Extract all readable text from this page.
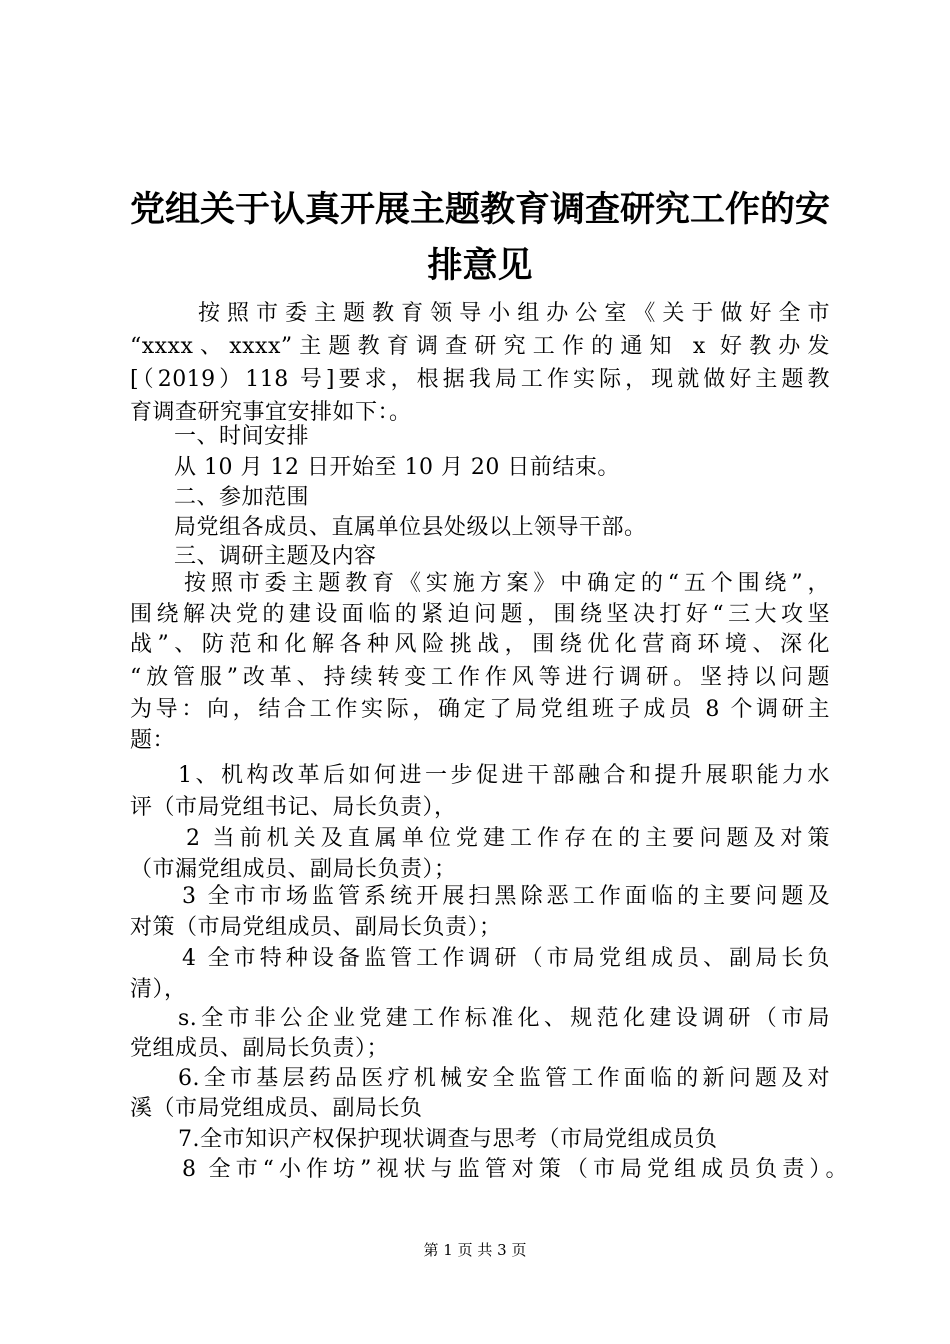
党组关于认真开展主题教育调查研究工作的安
排意见
按照市委主题教育领导小组办公室《关于做好全市
“xxxx、xxxx”主题教育调查研究工作的通知 x 好教办发
[（2019）118 号]要求，根据我局工作实际，现就做好主题教
育调查研究事宜安排如下：。
一、时间安排
从 10 月 12 日开始至 10 月 20 日前结束。
二、参加范围
局党组各成员、直属单位县处级以上领导干部。
三、调研主题及内容
按照市委主题教育《实施方案》中确定的“五个围绕”，
围绕解决党的建设面临的紧迫问题，围绕坚决打好“三大攻坚
战”、防范和化解各种风险挑战，围绕优化营商环境、深化
“放管服”改革、持续转变工作作风等进行调研。坚持以问题
为导：向，结合工作实际，确定了局党组班子成员 8 个调研主
题：
1、机构改革后如何进一步促进干部融合和提升展职能力水
评（市局党组书记、局长负责），
2 当前机关及直属单位党建工作存在的主要问题及对策
（市漏党组成员、副局长负责）；
3 全市市场监管系统开展扫黑除恶工作面临的主要问题及
对策（市局党组成员、副局长负责）；
4 全市特种设备监管工作调研（市局党组成员、副局长负
清），
s.全市非公企业党建工作标准化、规范化建设调研（市局
党组成员、副局长负责）；
6.全市基层药品医疗机械安全监管工作面临的新问题及对
溪（市局党组成员、副局长负
7.全市知识产权保护现状调查与思考（市局党组成员负
8 全市“小作坊”视状与监管对策（市局党组成员负责）。
第 1 页 共 3 页
